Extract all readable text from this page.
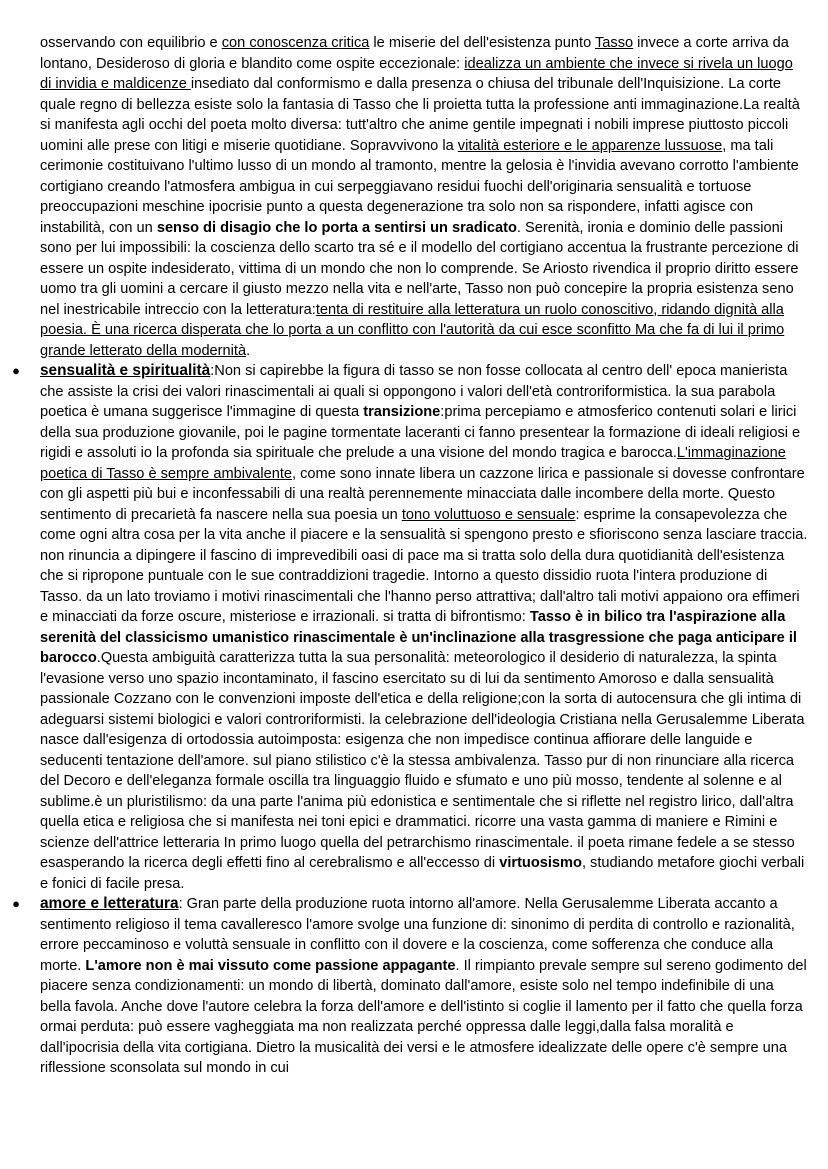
osservando con equilibrio e con conoscenza critica le miserie del dell'esistenza punto Tasso invece a corte arriva da lontano, Desideroso di gloria e blandito come ospite eccezionale: idealizza un ambiente che invece si rivela un luogo di invidia e maldicenze insediato dal conformismo e dalla presenza o chiusa del tribunale dell'Inquisizione. La corte quale regno di bellezza esiste solo la fantasia di Tasso che li proietta tutta la professione anti immaginazione.La realtà si manifesta agli occhi del poeta molto diversa: tutt'altro che anime gentile impegnati i nobili imprese piuttosto piccoli uomini alle prese con litigi e miserie quotidiane. Sopravvivono la vitalità esteriore e le apparenze lussuose, ma tali cerimonie costituivano l'ultimo lusso di un mondo al tramonto, mentre la gelosia è l'invidia avevano corrotto l'ambiente cortigiano creando l'atmosfera ambigua in cui serpeggiavano residui fuochi dell'originaria sensualità e tortuose preoccupazioni meschine ipocrisie punto a questa degenerazione tra solo non sa rispondere, infatti agisce con instabilità, con un senso di disagio che lo porta a sentirsi un sradicato. Serenità, ironia e dominio delle passioni sono per lui impossibili: la coscienza dello scarto tra sé e il modello del cortigiano accentua la frustrante percezione di essere un ospite indesiderato, vittima di un mondo che non lo comprende. Se Ariosto rivendica il proprio diritto essere uomo tra gli uomini a cercare il giusto mezzo nella vita e nell'arte, Tasso non può concepire la propria esistenza seno nel inestricabile intreccio con la letteratura:tenta di restituire alla letteratura un ruolo conoscitivo, ridando dignità alla poesia. È una ricerca disperata che lo porta a un conflitto con l'autorità da cui esce sconfitto Ma che fa di lui il primo grande letterato della modernità.

● sensualità e spiritualità:Non si capirebbe la figura di tasso se non fosse collocata al centro dell' epoca manierista che assiste la crisi dei valori rinascimentali ai quali si oppongono i valori dell'età controriformistica. la sua parabola poetica è umana suggerisce l'immagine di questa transizione:prima percepiamo e atmosferico contenuti solari e lirici della sua produzione giovanile, poi le pagine tormentate laceranti ci fanno presentear la formazione di ideali religiosi e rigidi e assoluti io la profonda sia spirituale che prelude a una visione del mondo tragica e barocca.L'immaginazione poetica di Tasso è sempre ambivalente, come sono innate libera un cazzone lirica e passionale si dovesse confrontare con gli aspetti più bui e inconfessabili di una realtà perennemente minacciata dalle incombere della morte. Questo sentimento di precarietà fa nascere nella sua poesia un tono voluttuoso e sensuale: esprime la consapevolezza che come ogni altra cosa per la vita anche il piacere e la sensualità si spengono presto e sfioriscono senza lasciare traccia. non rinuncia a dipingere il fascino di imprevedibili oasi di pace ma si tratta solo della dura quotidianità dell'esistenza che si ripropone puntuale con le sue contraddizioni tragedie. Intorno a questo dissidio ruota l'intera produzione di Tasso. da un lato troviamo i motivi rinascimentali che l'hanno perso attrattiva; dall'altro tali motivi appaiono ora effimeri e minacciati da forze oscure, misteriose e irrazionali. si tratta di bifrontismo: Tasso è in bilico tra l'aspirazione alla serenità del classicismo umanistico rinascimentale è un'inclinazione alla trasgressione che paga anticipare il barocco.Questa ambiguità caratterizza tutta la sua personalità: meteorologico il desiderio di naturalezza, la spinta l'evasione verso uno spazio incontaminato, il fascino esercitato su di lui da sentimento Amoroso e dalla sensualità passionale Cozzano con le convenzioni imposte dell'etica e della religione;con la sorta di autocensura che gli intima di adeguarsi sistemi biologici e valori controriformisti. la celebrazione dell'ideologia Cristiana nella Gerusalemme Liberata nasce dall'esigenza di ortodossia autoimposta: esigenza che non impedisce continua affiorare delle languide e seducenti tentazione dell'amore. sul piano stilistico c'è la stessa ambivalenza. Tasso pur di non rinunciare alla ricerca del Decoro e dell'eleganza formale oscilla tra linguaggio fluido e sfumato e uno più mosso, tendente al solenne e al sublime.è un pluristilismo: da una parte l'anima più edonistica e sentimentale che si riflette nel registro lirico, dall'altra quella etica e religiosa che si manifesta nei toni epici e drammatici. ricorre una vasta gamma di maniere e Rimini e scienze dell'attrice letteraria In primo luogo quella del petrarchismo rinascimentale. il poeta rimane fedele a se stesso esasperando la ricerca degli effetti fino al cerebralismo e all'eccesso di virtuosismo, studiando metafore giochi verbali e fonici di facile presa.
● amore e letteratura: Gran parte della produzione ruota intorno all'amore. Nella Gerusalemme Liberata accanto a sentimento religioso il tema cavalleresco l'amore svolge una funzione di: sinonimo di perdita di controllo e razionalità, errore peccaminoso e voluttà sensuale in conflitto con il dovere e la coscienza, come sofferenza che conduce alla morte. L'amore non è mai vissuto come passione appagante. Il rimpianto prevale sempre sul sereno godimento del piacere senza condizionamenti: un mondo di libertà, dominato dall'amore, esiste solo nel tempo indefinibile di una bella favola. Anche dove l'autore celebra la forza dell'amore e dell'istinto si coglie il lamento per il fatto che quella forza ormai perduta: può essere vagheggiata ma non realizzata perché oppressa dalle leggi,dalla falsa moralità e dall'ipocrisia della vita cortigiana. Dietro la musicalità dei versi e le atmosfere idealizzate delle opere c'è sempre una riflessione sconsolata sul mondo in cui
